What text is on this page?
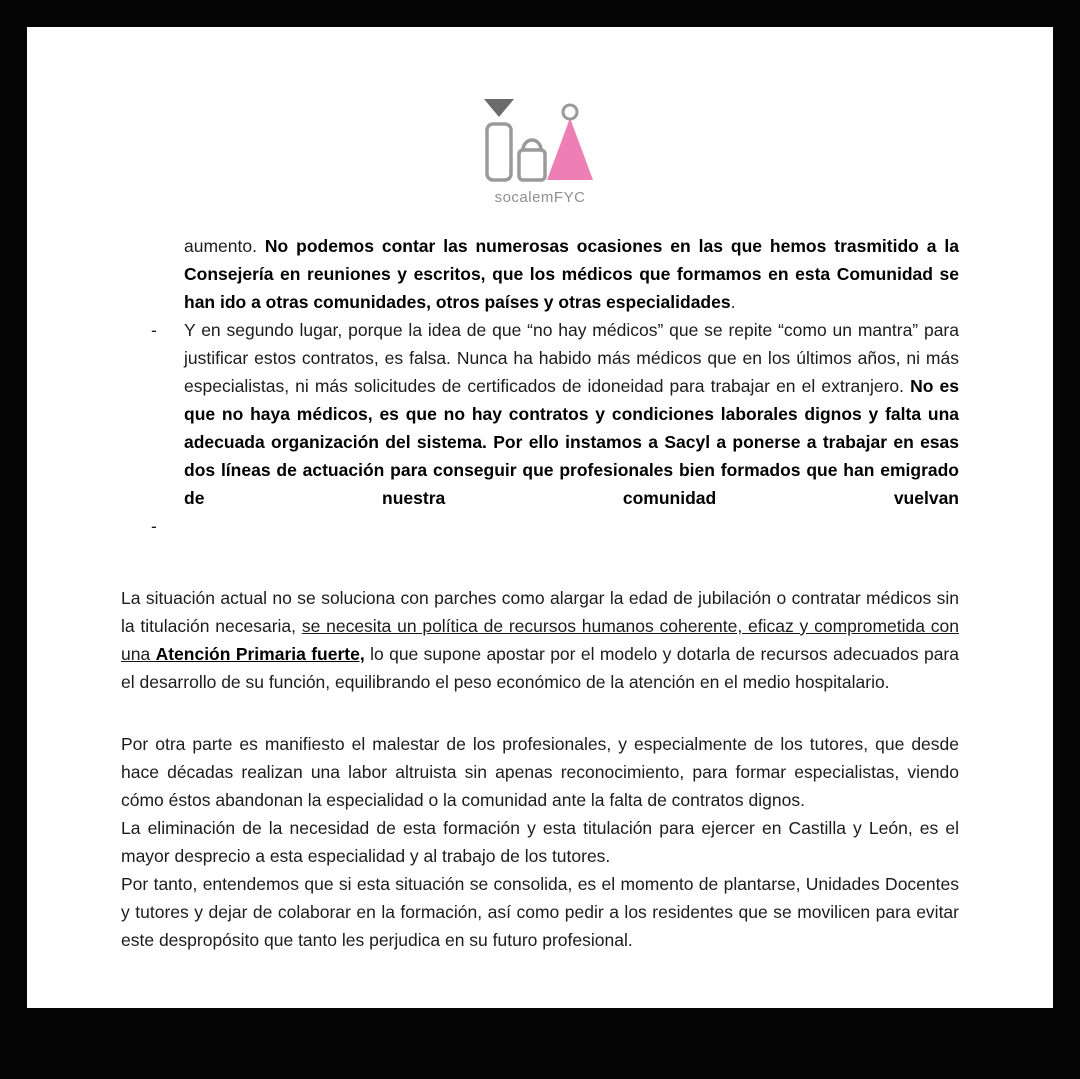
socalemFYC

aumento. No podemos contar las numerosas ocasiones en las que hemos trasmitido a la Consejería en reuniones y escritos, que los médicos que formamos en esta Comunidad se han ido a otras comunidades, otros países y otras especialidades.

-	Y en segundo lugar, porque la idea de que “no hay médicos” que se repite “como un mantra” para justificar estos contratos, es falsa. Nunca ha habido más médicos que en los últimos años, ni más especialistas, ni más solicitudes de certificados de idoneidad para trabajar en el extranjero. No es que no haya médicos, es que no hay contratos y condiciones laborales dignos y falta una adecuada organización del sistema. Por ello instamos a Sacyl a ponerse a trabajar en esas dos líneas de actuación para conseguir que profesionales bien formados que han emigrado de nuestra comunidad vuelvan

-

La situación actual no se soluciona con parches como alargar la edad de jubilación o contratar médicos sin la titulación necesaria, se necesita un política de recursos humanos coherente, eficaz y comprometida con una Atención Primaria fuerte, lo que supone apostar por el modelo y dotarla de recursos adecuados para el desarrollo de su función, equilibrando el peso económico de la atención en el medio hospitalario.

Por otra parte es manifiesto el malestar de los profesionales, y especialmente de los tutores, que desde hace décadas realizan una labor altruista sin apenas reconocimiento, para formar especialistas, viendo cómo éstos abandonan la especialidad o la comunidad ante la falta de contratos dignos.

La eliminación de la necesidad de esta formación y esta titulación para ejercer en Castilla y León, es el mayor desprecio a esta especialidad y al trabajo de los tutores.

Por tanto, entendemos que si esta situación se consolida, es el momento de plantarse, Unidades Docentes y tutores y dejar de colaborar en la formación, así como pedir a los residentes que se movilicen para evitar este despropósito que tanto les perjudica en su futuro profesional.
